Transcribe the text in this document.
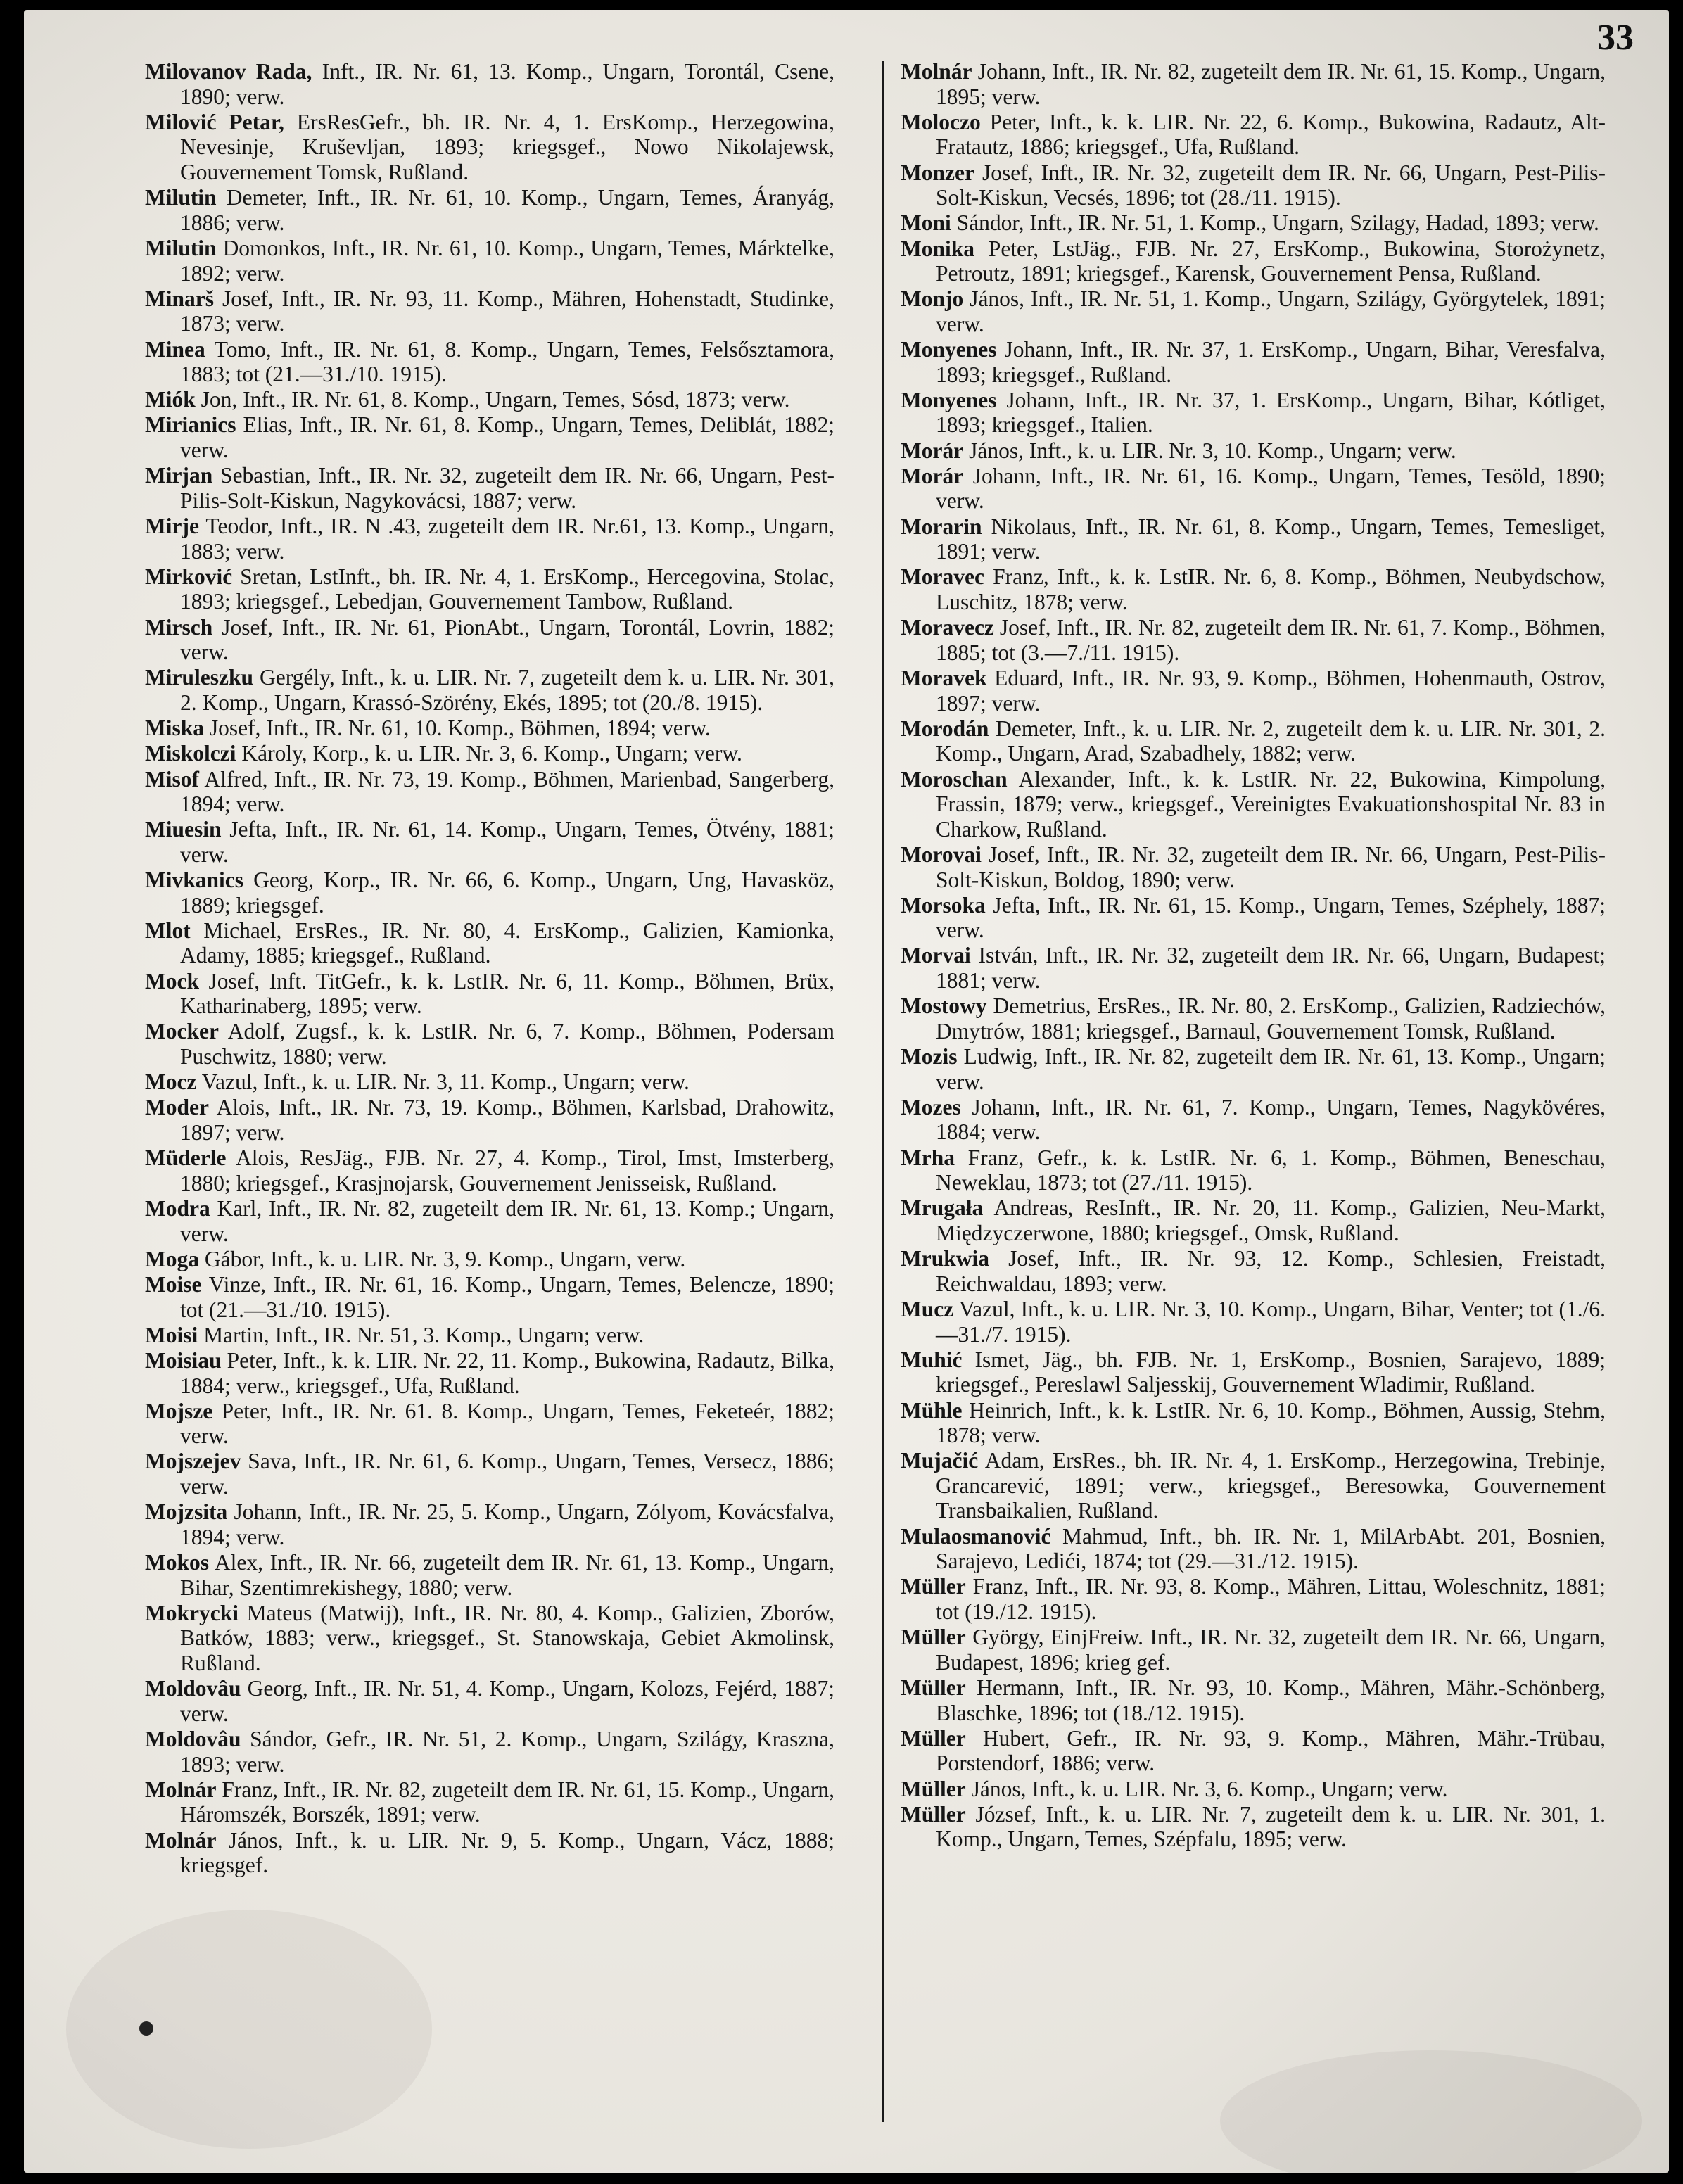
33

Milovanov Rada, Inft., IR. Nr. 61, 13. Komp., Ungarn, Torontál, Csene, 1890; verw.

Milović Petar, ErsResGefr., bh. IR. Nr. 4, 1. ErsKomp., Herzegowina, Nevesinje, Kruševljan, 1893; kriegsgef., Nowo Nikolajewsk, Gouvernement Tomsk, Rußland.

Milutin Demeter, Inft., IR. Nr. 61, 10. Komp., Ungarn, Temes, Áranyág, 1886; verw.

Milutin Domonkos, Inft., IR. Nr. 61, 10. Komp., Ungarn, Temes, Márktelke, 1892; verw.

Minarš Josef, Inft., IR. Nr. 93, 11. Komp., Mähren, Hohenstadt, Studinke, 1873; verw.

Minea Tomo, Inft., IR. Nr. 61, 8. Komp., Ungarn, Temes, Felsősztamora, 1883; tot (21.—31./10. 1915).

Miók Jon, Inft., IR. Nr. 61, 8. Komp., Ungarn, Temes, Sósd, 1873; verw.

Mirianics Elias, Inft., IR. Nr. 61, 8. Komp., Ungarn, Temes, Deliblát, 1882; verw.

Mirjan Sebastian, Inft., IR. Nr. 32, zugeteilt dem IR. Nr. 66, Ungarn, Pest-Pilis-Solt-Kiskun, Nagykovácsi, 1887; verw.

Mirje Teodor, Inft., IR. N .43, zugeteilt dem IR. Nr.61, 13. Komp., Ungarn, 1883; verw.

Mirković Sretan, LstInft., bh. IR. Nr. 4, 1. ErsKomp., Hercegovina, Stolac, 1893; kriegsgef., Lebedjan, Gouvernement Tambow, Rußland.

Mirsch Josef, Inft., IR. Nr. 61, PionAbt., Ungarn, Torontál, Lovrin, 1882; verw.

Miruleszku Gergély, Inft., k. u. LIR. Nr. 7, zugeteilt dem k. u. LIR. Nr. 301, 2. Komp., Ungarn, Krassó-Szörény, Ekés, 1895; tot (20./8. 1915).

Miska Josef, Inft., IR. Nr. 61, 10. Komp., Böhmen, 1894; verw.

Miskolczi Károly, Korp., k. u. LIR. Nr. 3, 6. Komp., Ungarn; verw.

Misof Alfred, Inft., IR. Nr. 73, 19. Komp., Böhmen, Marienbad, Sangerberg, 1894; verw.

Miuesin Jefta, Inft., IR. Nr. 61, 14. Komp., Ungarn, Temes, Ötvény, 1881; verw.

Mivkanics Georg, Korp., IR. Nr. 66, 6. Komp., Ungarn, Ung, Havasköz, 1889; kriegsgef.

Mlot Michael, ErsRes., IR. Nr. 80, 4. ErsKomp., Galizien, Kamionka, Adamy, 1885; kriegsgef., Rußland.

Mock Josef, Inft. TitGefr., k. k. LstIR. Nr. 6, 11. Komp., Böhmen, Brüx, Katharinaberg, 1895; verw.

Mocker Adolf, Zugsf., k. k. LstIR. Nr. 6, 7. Komp., Böhmen, Podersam Puschwitz, 1880; verw.

Mocz Vazul, Inft., k. u. LIR. Nr. 3, 11. Komp., Ungarn; verw.

Moder Alois, Inft., IR. Nr. 73, 19. Komp., Böhmen, Karlsbad, Drahowitz, 1897; verw.

Müderle Alois, ResJäg., FJB. Nr. 27, 4. Komp., Tirol, Imst, Imsterberg, 1880; kriegsgef., Krasjnojarsk, Gouvernement Jenisseisk, Rußland.

Modra Karl, Inft., IR. Nr. 82, zugeteilt dem IR. Nr. 61, 13. Komp.; Ungarn, verw.

Moga Gábor, Inft., k. u. LIR. Nr. 3, 9. Komp., Ungarn, verw.

Moise Vinze, Inft., IR. Nr. 61, 16. Komp., Ungarn, Temes, Belencze, 1890; tot (21.—31./10. 1915).

Moisi Martin, Inft., IR. Nr. 51, 3. Komp., Ungarn; verw.

Moisiau Peter, Inft., k. k. LIR. Nr. 22, 11. Komp., Bukowina, Radautz, Bilka, 1884; verw., kriegsgef., Ufa, Rußland.

Mojsze Peter, Inft., IR. Nr. 61. 8. Komp., Ungarn, Temes, Feketeér, 1882; verw.

Mojszejev Sava, Inft., IR. Nr. 61, 6. Komp., Ungarn, Temes, Versecz, 1886; verw.

Mojzsita Johann, Inft., IR. Nr. 25, 5. Komp., Ungarn, Zólyom, Kovácsfalva, 1894; verw.

Mokos Alex, Inft., IR. Nr. 66, zugeteilt dem IR. Nr. 61, 13. Komp., Ungarn, Bihar, Szentimrekishegy, 1880; verw.

Mokrycki Mateus (Matwij), Inft., IR. Nr. 80, 4. Komp., Galizien, Zborów, Batków, 1883; verw., kriegsgef., St. Stanowskaja, Gebiet Akmolinsk, Rußland.

Moldovâu Georg, Inft., IR. Nr. 51, 4. Komp., Ungarn, Kolozs, Fejérd, 1887; verw.

Moldovâu Sándor, Gefr., IR. Nr. 51, 2. Komp., Ungarn, Szilágy, Kraszna, 1893; verw.

Molnár Franz, Inft., IR. Nr. 82, zugeteilt dem IR. Nr. 61, 15. Komp., Ungarn, Háromszék, Borszék, 1891; verw.

Molnár János, Inft., k. u. LIR. Nr. 9, 5. Komp., Ungarn, Vácz, 1888; kriegsgef.

Molnár Johann, Inft., IR. Nr. 82, zugeteilt dem IR. Nr. 61, 15. Komp., Ungarn, 1895; verw.

Moloczo Peter, Inft., k. k. LIR. Nr. 22, 6. Komp., Bukowina, Radautz, Alt-Fratautz, 1886; kriegsgef., Ufa, Rußland.

Monzer Josef, Inft., IR. Nr. 32, zugeteilt dem IR. Nr. 66, Ungarn, Pest-Pilis-Solt-Kiskun, Vecsés, 1896; tot (28./11. 1915).

Moni Sándor, Inft., IR. Nr. 51, 1. Komp., Ungarn, Szilagy, Hadad, 1893; verw.

Monika Peter, LstJäg., FJB. Nr. 27, ErsKomp., Bukowina, Storożynetz, Petroutz, 1891; kriegsgef., Karensk, Gouvernement Pensa, Rußland.

Monjo János, Inft., IR. Nr. 51, 1. Komp., Ungarn, Szilágy, Györgytelek, 1891; verw.

Monyenes Johann, Inft., IR. Nr. 37, 1. ErsKomp., Ungarn, Bihar, Veresfalva, 1893; kriegsgef., Rußland.

Monyenes Johann, Inft., IR. Nr. 37, 1. ErsKomp., Ungarn, Bihar, Kótliget, 1893; kriegsgef., Italien.

Morár János, Inft., k. u. LIR. Nr. 3, 10. Komp., Ungarn; verw.

Morár Johann, Inft., IR. Nr. 61, 16. Komp., Ungarn, Temes, Tesöld, 1890; verw.

Morarin Nikolaus, Inft., IR. Nr. 61, 8. Komp., Ungarn, Temes, Temesliget, 1891; verw.

Moravec Franz, Inft., k. k. LstIR. Nr. 6, 8. Komp., Böhmen, Neubydschow, Luschitz, 1878; verw.

Moravecz Josef, Inft., IR. Nr. 82, zugeteilt dem IR. Nr. 61, 7. Komp., Böhmen, 1885; tot (3.—7./11. 1915).

Moravek Eduard, Inft., IR. Nr. 93, 9. Komp., Böhmen, Hohenmauth, Ostrov, 1897; verw.

Morodán Demeter, Inft., k. u. LIR. Nr. 2, zugeteilt dem k. u. LIR. Nr. 301, 2. Komp., Ungarn, Arad, Szabadhely, 1882; verw.

Moroschan Alexander, Inft., k. k. LstIR. Nr. 22, Bukowina, Kimpolung, Frassin, 1879; verw., kriegsgef., Vereinigtes Evakuationshospital Nr. 83 in Charkow, Rußland.

Morovai Josef, Inft., IR. Nr. 32, zugeteilt dem IR. Nr. 66, Ungarn, Pest-Pilis-Solt-Kiskun, Boldog, 1890; verw.

Morsoka Jefta, Inft., IR. Nr. 61, 15. Komp., Ungarn, Temes, Széphely, 1887; verw.

Morvai István, Inft., IR. Nr. 32, zugeteilt dem IR. Nr. 66, Ungarn, Budapest; 1881; verw.

Mostowy Demetrius, ErsRes., IR. Nr. 80, 2. ErsKomp., Galizien, Radziechów, Dmytrów, 1881; kriegsgef., Barnaul, Gouvernement Tomsk, Rußland.

Mozis Ludwig, Inft., IR. Nr. 82, zugeteilt dem IR. Nr. 61, 13. Komp., Ungarn; verw.

Mozes Johann, Inft., IR. Nr. 61, 7. Komp., Ungarn, Temes, Nagykövéres, 1884; verw.

Mrha Franz, Gefr., k. k. LstIR. Nr. 6, 1. Komp., Böhmen, Beneschau, Neweklau, 1873; tot (27./11. 1915).

Mrugała Andreas, ResInft., IR. Nr. 20, 11. Komp., Galizien, Neu-Markt, Międzyczerwone, 1880; kriegsgef., Omsk, Rußland.

Mrukwia Josef, Inft., IR. Nr. 93, 12. Komp., Schlesien, Freistadt, Reichwaldau, 1893; verw.

Mucz Vazul, Inft., k. u. LIR. Nr. 3, 10. Komp., Ungarn, Bihar, Venter; tot (1./6.—31./7. 1915).

Muhić Ismet, Jäg., bh. FJB. Nr. 1, ErsKomp., Bosnien, Sarajevo, 1889; kriegsgef., Pereslawl Saljesskij, Gouvernement Wladimir, Rußland.

Mühle Heinrich, Inft., k. k. LstIR. Nr. 6, 10. Komp., Böhmen, Aussig, Stehm, 1878; verw.

Mujačić Adam, ErsRes., bh. IR. Nr. 4, 1. ErsKomp., Herzegowina, Trebinje, Grancarević, 1891; verw., kriegsgef., Beresowka, Gouvernement Transbaikalien, Rußland.

Mulaosmanović Mahmud, Inft., bh. IR. Nr. 1, MilArbAbt. 201, Bosnien, Sarajevo, Ledići, 1874; tot (29.—31./12. 1915).

Müller Franz, Inft., IR. Nr. 93, 8. Komp., Mähren, Littau, Woleschnitz, 1881; tot (19./12. 1915).

Müller György, EinjFreiw. Inft., IR. Nr. 32, zugeteilt dem IR. Nr. 66, Ungarn, Budapest, 1896; krieg gef.

Müller Hermann, Inft., IR. Nr. 93, 10. Komp., Mähren, Mähr.-Schönberg, Blaschke, 1896; tot (18./12. 1915).

Müller Hubert, Gefr., IR. Nr. 93, 9. Komp., Mähren, Mähr.-Trübau, Porstendorf, 1886; verw.

Müller János, Inft., k. u. LIR. Nr. 3, 6. Komp., Ungarn; verw.

Müller József, Inft., k. u. LIR. Nr. 7, zugeteilt dem k. u. LIR. Nr. 301, 1. Komp., Ungarn, Temes, Szépfalu, 1895; verw.
